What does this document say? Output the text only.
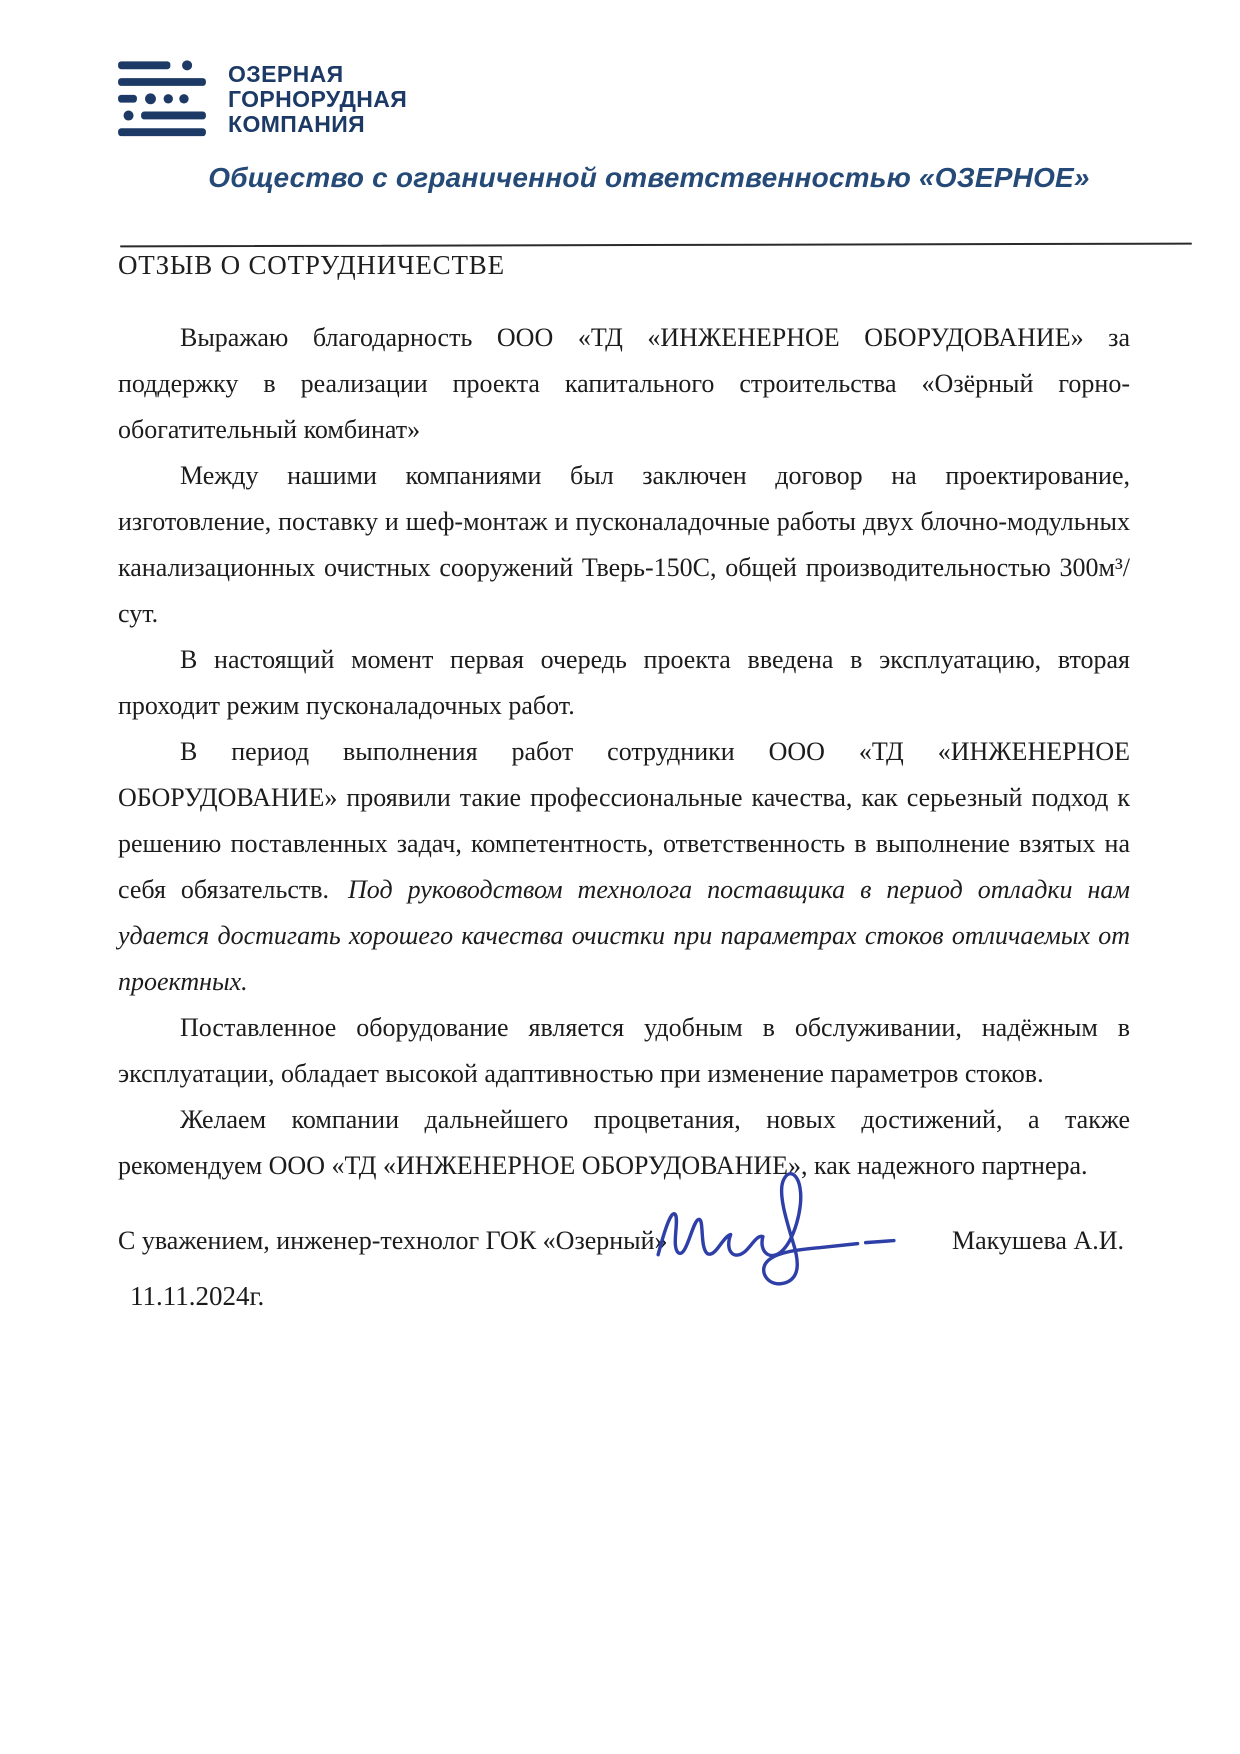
ОЗЕРНАЯ
ГОРНОРУДНАЯ
КОМПАНИЯ
Общество с ограниченной ответственностью «ОЗЕРНОЕ»
ОТЗЫВ О СОТРУДНИЧЕСТВЕ

Выражаю благодарность ООО «ТД «ИНЖЕНЕРНОЕ ОБОРУДОВАНИЕ» за поддержку в реализации проекта капитального строительства «Озёрный горно-обогатительный комбинат»

Между нашими компаниями был заключен договор на проектирование, изготовление, поставку и шеф-монтаж и пусконаладочные работы двух блочно-модульных канализационных очистных сооружений Тверь-150С, общей производительностью 300м³/сут.

В настоящий момент первая очередь проекта введена в эксплуатацию, вторая проходит режим пусконаладочных работ.

В период выполнения работ сотрудники ООО «ТД «ИНЖЕНЕРНОЕ ОБОРУДОВАНИЕ» проявили такие профессиональные качества, как серьезный подход к решению поставленных задач, компетентность, ответственность в выполнение взятых на себя обязательств. Под руководством технолога поставщика в период отладки нам удается достигать хорошего качества очистки при параметрах стоков отличаемых от проектных.

Поставленное оборудование является удобным в обслуживании, надёжным в эксплуатации, обладает высокой адаптивностью при изменение параметров стоков.

Желаем компании дальнейшего процветания, новых достижений, а также рекомендуем ООО «ТД «ИНЖЕНЕРНОЕ ОБОРУДОВАНИЕ», как надежного партнера.

С уважением, инженер-технолог ГОК «Озерный»	Макушева А.И.
11.11.2024г.
